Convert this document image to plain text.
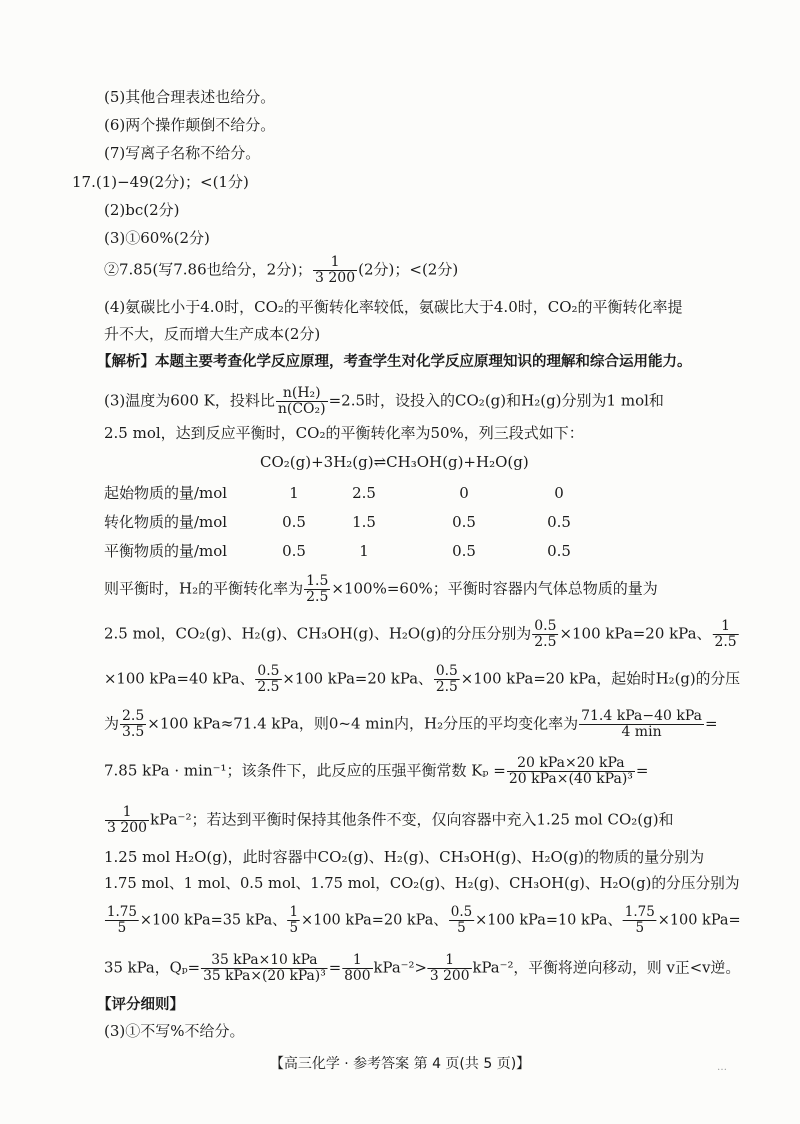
(5)其他合理表述也给分。
(6)两个操作颠倒不给分。
(7)写离子名称不给分。
17.(1)−49(2分)；<(1分)
(2)bc(2分)
(3)①60%(2分)
②7.85(写7.86也给分，2分)； $\frac{1}{3 200} (2$分)；<(2分)
(4)氨碳比小于4.0时，CO₂的平衡转化率较低，氨碳比大于4.0时，CO₂的平衡转化率提
升不大，反而增大生产成本(2分)
【解析】本题主要考查化学反应原理，考查学生对化学反应原理知识的理解和综合运用能力。
(3)温度为600 K，投料比 $\frac{\text{n(H₂)}}{\text{n(CO₂)}} =2.5$时，设投入的CO₂(g)和H₂(g)分别为1 mol和
2.5 mol，达到反应平衡时，CO₂的平衡转化率为50%，列三段式如下：
CO₂(g)+3H₂(g)⇌CH₃OH(g)+H₂O(g)
起始物质的量/mol	1	2.5	0	0
转化物质的量/mol	0.5	1.5	0.5	0.5
平衡物质的量/mol	0.5	1	0.5	0.5
则平衡时，H₂的平衡转化率为 $\frac{1.5}{2.5} \times 100\%=60\%$；平衡时容器内气体总物质的量为
2.5 mol，CO₂(g)、H₂(g)、CH₃OH(g)、H₂O(g)的分压分别为 $\frac{0.5}{2.5} \times 100$ kPa=20 kPa、 $\frac{1}{2.5}$
×100 kPa=40 kPa、 $\frac{0.5}{2.5} \times 100$ kPa=20 kPa、 $\frac{0.5}{2.5} \times 100$ kPa=20 kPa，起始时H₂(g)的分压
为 $\frac{2.5}{3.5} \times 100$ kPa≈71.4 kPa，则0~4 min内，H₂分压的平均变化率为 $\frac{\text{71.4 kPa−40 kPa}}{4 \min}$ =
7.85 kPa · min⁻¹；该条件下，此反应的压强平衡常数 $K_p = \frac{\text{20 kPa×20 kPa}}{\text{20 kPa×(40 kPa)³}}$ =
$\frac{1}{3 200} kPa^{-2}$；若达到平衡时保持其他条件不变，仅向容器中充入1.25 mol CO₂(g)和
1.25 mol H₂O(g)，此时容器中CO₂(g)、H₂(g)、CH₃OH(g)、H₂O(g)的物质的量分别为
1.75 mol、1 mol、0.5 mol、1.75 mol，CO₂(g)、H₂(g)、CH₃OH(g)、H₂O(g)的分压分别为
$\frac{1.75}{5} \times 100$ kPa=35 kPa、 $\frac{1}{5} \times 100$ kPa=20 kPa、 $\frac{0.5}{5} \times 100$ kPa=10 kPa、 $\frac{1.75}{5} \times 100$ kPa=
35 kPa，$Q_p= \frac{\text{35 kPa×10 kPa}}{\text{35 kPa×(20 kPa)³}} = \frac{1}{800} kPa^{-2}> \frac{1}{3 200} kPa^{-2}$，平衡将逆向移动，则 v正<v逆。
【评分细则】
(3)①不写%不给分。
【高三化学 · 参考答案 第 4 页(共 5 页)】	…
